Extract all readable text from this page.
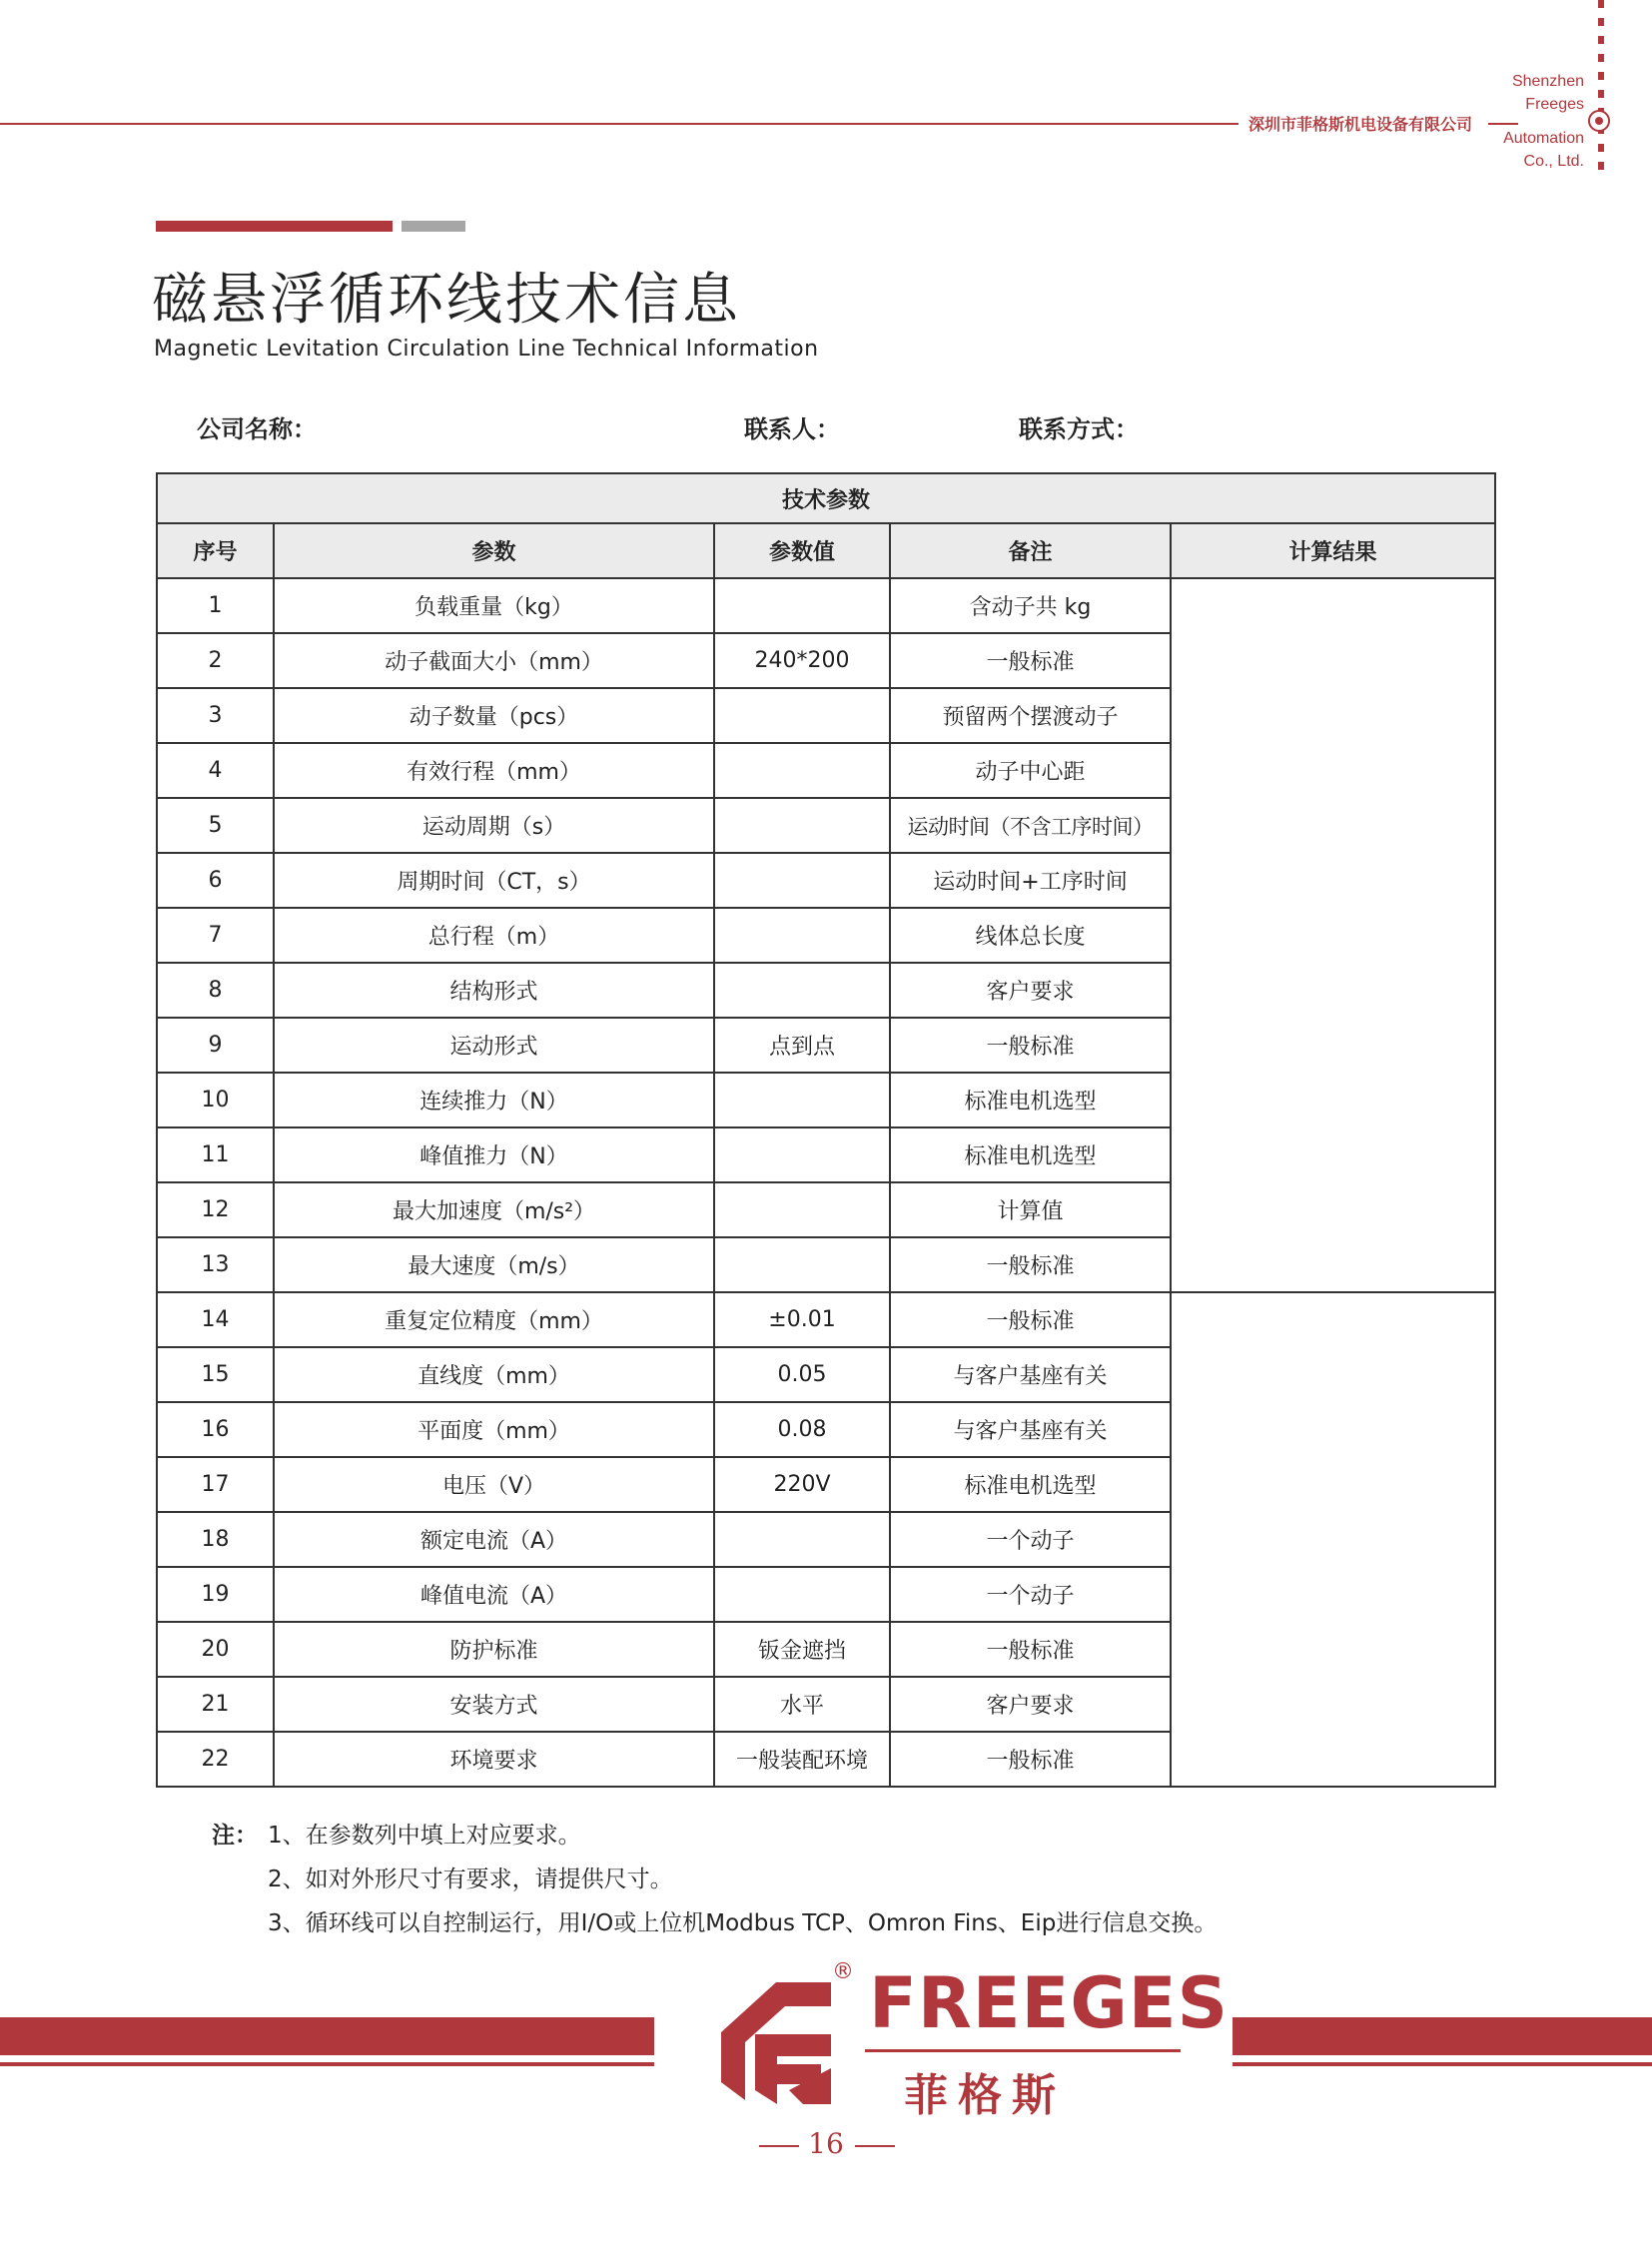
深圳市菲格斯机电设备有限公司
Shenzhen
Freeges
Automation
Co., Ltd.
磁悬浮循环线技术信息
Magnetic Levitation Circulation Line Technical Information
公司名称：	联系人：	联系方式：
技术参数				
序号	参数	参数值	备注	计算结果
1	负载重量（kg）		含动子共 kg	
2	动子截面大小（mm）	240*200	一般标准	
3	动子数量（pcs）		预留两个摆渡动子	
4	有效行程（mm）		动子中心距	
5	运动周期（s）		运动时间（不含工序时间）	
6	周期时间（CT，s）		运动时间+工序时间	
7	总行程（m）		线体总长度	
8	结构形式		客户要求	
9	运动形式	点到点	一般标准	
10	连续推力（N）		标准电机选型	
11	峰值推力（N）		标准电机选型	
12	最大加速度（m/s²）		计算值	
13	最大速度（m/s）		一般标准	
14	重复定位精度（mm）	±0.01	一般标准	
15	直线度（mm）	0.05	与客户基座有关	
16	平面度（mm）	0.08	与客户基座有关	
17	电压（V）	220V	标准电机选型	
18	额定电流（A）		一个动子	
19	峰值电流（A）		一个动子	
20	防护标准	钣金遮挡	一般标准	
21	安装方式	水平	客户要求	
22	环境要求	一般装配环境	一般标准	
注： 1、在参数列中填上对应要求。
2、如对外形尺寸有要求，请提供尺寸。
3、循环线可以自控制运行，用I/O或上位机Modbus TCP、Omron Fins、Eip进行信息交换。
® FREEGES
菲格斯
16
